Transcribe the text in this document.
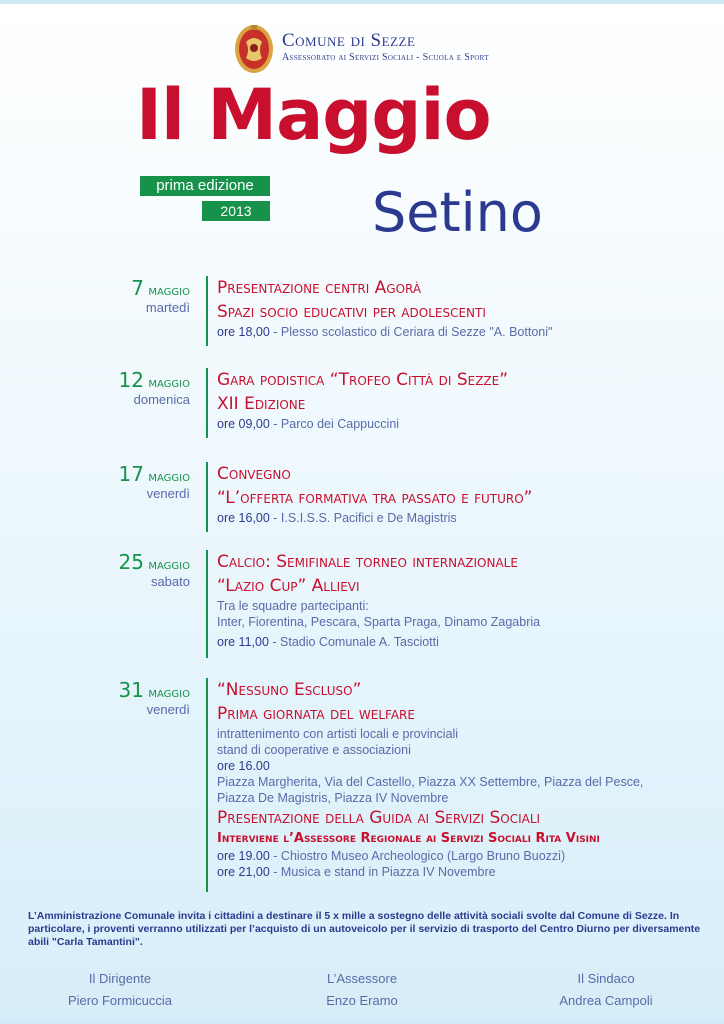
Comune di Sezze
Assessorato ai Servizi Sociali - Scuola e Sport
Il Maggio
prima edizione
2013	Setino
7 maggio
martedì
Presentazione centri Agorà
Spazi socio educativi per adolescenti
ore 18,00 - Plesso scolastico di Ceriara di Sezze "A. Bottoni"
12 maggio
domenica
Gara podistica “Trofeo Città di Sezze”
XII Edizione
ore 09,00 - Parco dei Cappuccini
17 maggio
venerdì
Convegno
“L’offerta formativa tra passato e futuro”
ore 16,00 - I.S.I.S.S. Pacifici e De Magistris
25 maggio
sabato
Calcio: Semifinale torneo internazionale
“Lazio Cup” Allievi
Tra le squadre partecipanti:
Inter, Fiorentina, Pescara, Sparta Praga, Dinamo Zagabria
ore 11,00 - Stadio Comunale A. Tasciotti
31 maggio
venerdì
“Nessuno Escluso”
Prima giornata del welfare
intrattenimento con artisti locali e provinciali
stand di cooperative e associazioni
ore 16.00
Piazza Margherita, Via del Castello, Piazza XX Settembre, Piazza del Pesce,
Piazza De Magistris, Piazza IV Novembre
Presentazione della Guida ai Servizi Sociali
Interviene l’Assessore Regionale ai Servizi Sociali Rita Visini
ore 19.00 - Chiostro Museo Archeologico (Largo Bruno Buozzi)
ore 21,00 - Musica e stand in Piazza IV Novembre
L’Amministrazione Comunale invita i cittadini a destinare il 5 x mille a sostegno delle attività sociali svolte dal Comune di Sezze. In particolare, i proventi verranno utilizzati per l’acquisto di un autoveicolo per il servizio di trasporto del Centro Diurno per diversamente abili "Carla Tamantini".
Il Dirigente
Piero Formicuccia
L’Assessore
Enzo Eramo
Il Sindaco
Andrea Campoli
